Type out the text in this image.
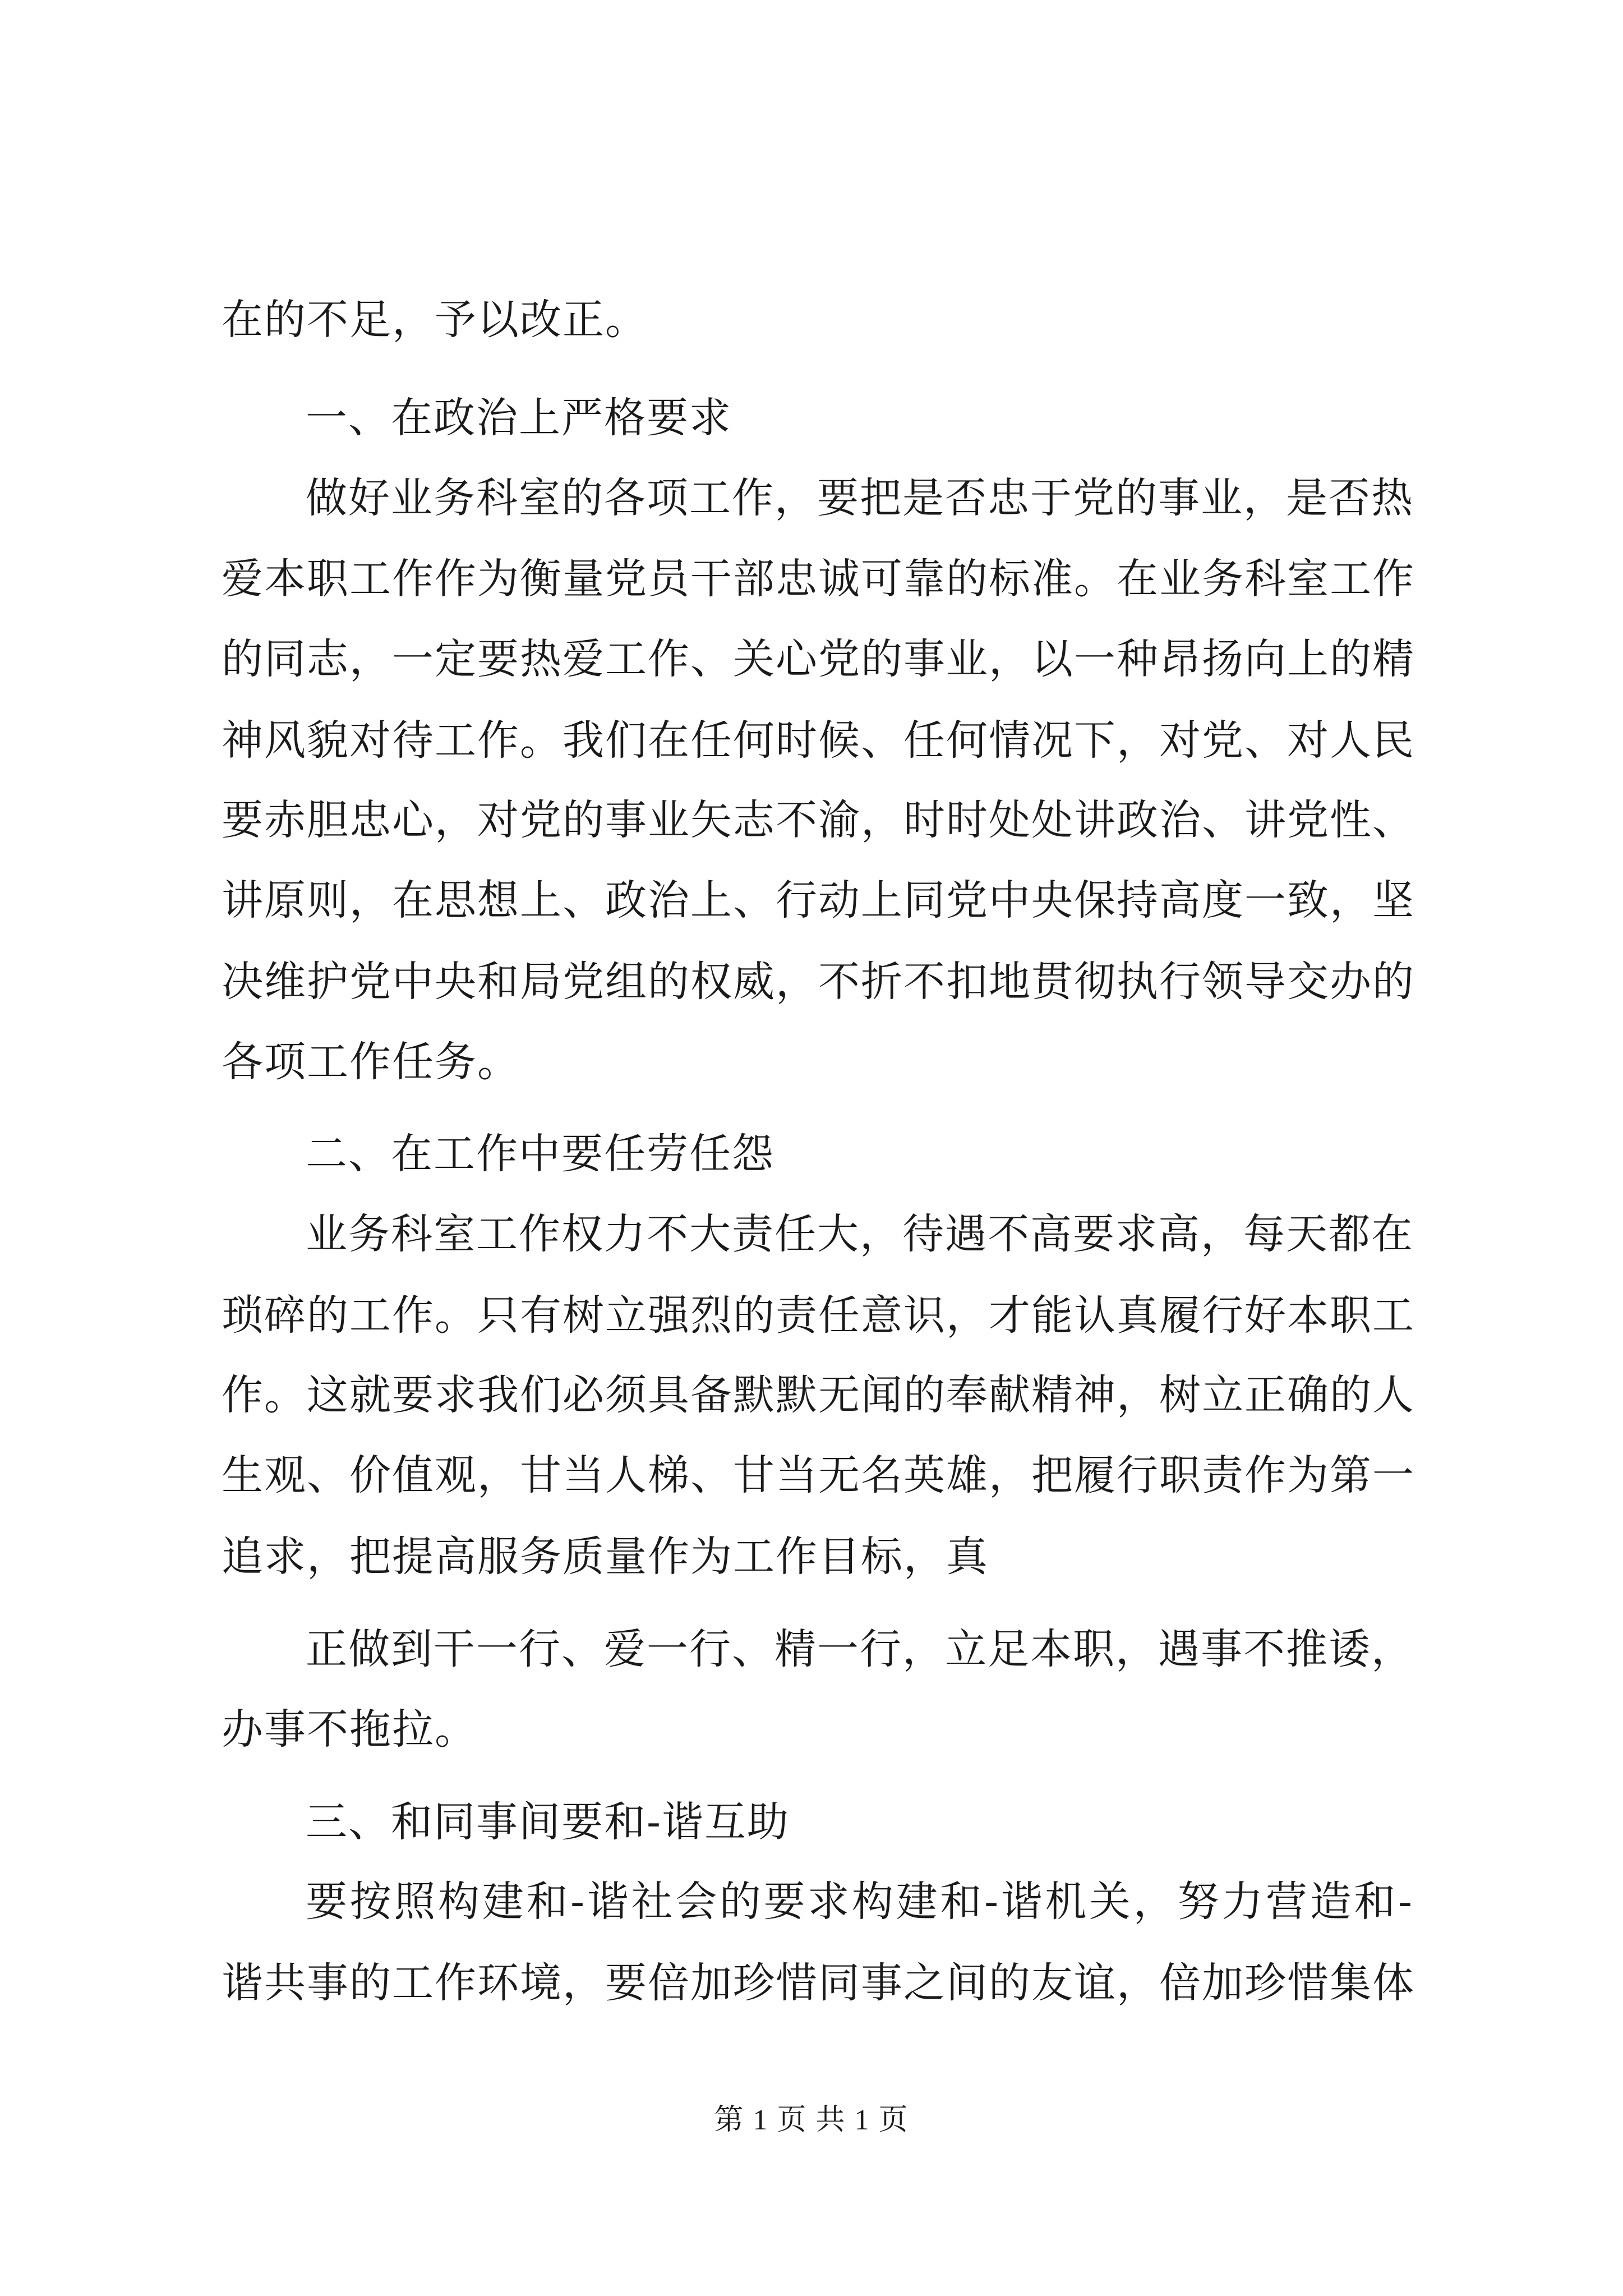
在的不足，予以改正。
一、在政治上严格要求
做好业务科室的各项工作，要把是否忠于党的事业，是否热
爱本职工作作为衡量党员干部忠诚可靠的标准。在业务科室工作
的同志，一定要热爱工作、关心党的事业，以一种昂扬向上的精
神风貌对待工作。我们在任何时候、任何情况下，对党、对人民
要赤胆忠心，对党的事业矢志不渝，时时处处讲政治、讲党性、
讲原则，在思想上、政治上、行动上同党中央保持高度一致，坚
决维护党中央和局党组的权威，不折不扣地贯彻执行领导交办的
各项工作任务。
二、在工作中要任劳任怨
业务科室工作权力不大责任大，待遇不高要求高，每天都在
琐碎的工作。只有树立强烈的责任意识，才能认真履行好本职工
作。这就要求我们必须具备默默无闻的奉献精神，树立正确的人
生观、价值观，甘当人梯、甘当无名英雄，把履行职责作为第一
追求，把提高服务质量作为工作目标，真
正做到干一行、爱一行、精一行，立足本职，遇事不推诿，
办事不拖拉。
三、和同事间要和-谐互助
要按照构建和-谐社会的要求构建和-谐机关，努力营造和-
谐共事的工作环境，要倍加珍惜同事之间的友谊，倍加珍惜集体
第 1 页 共 1 页
